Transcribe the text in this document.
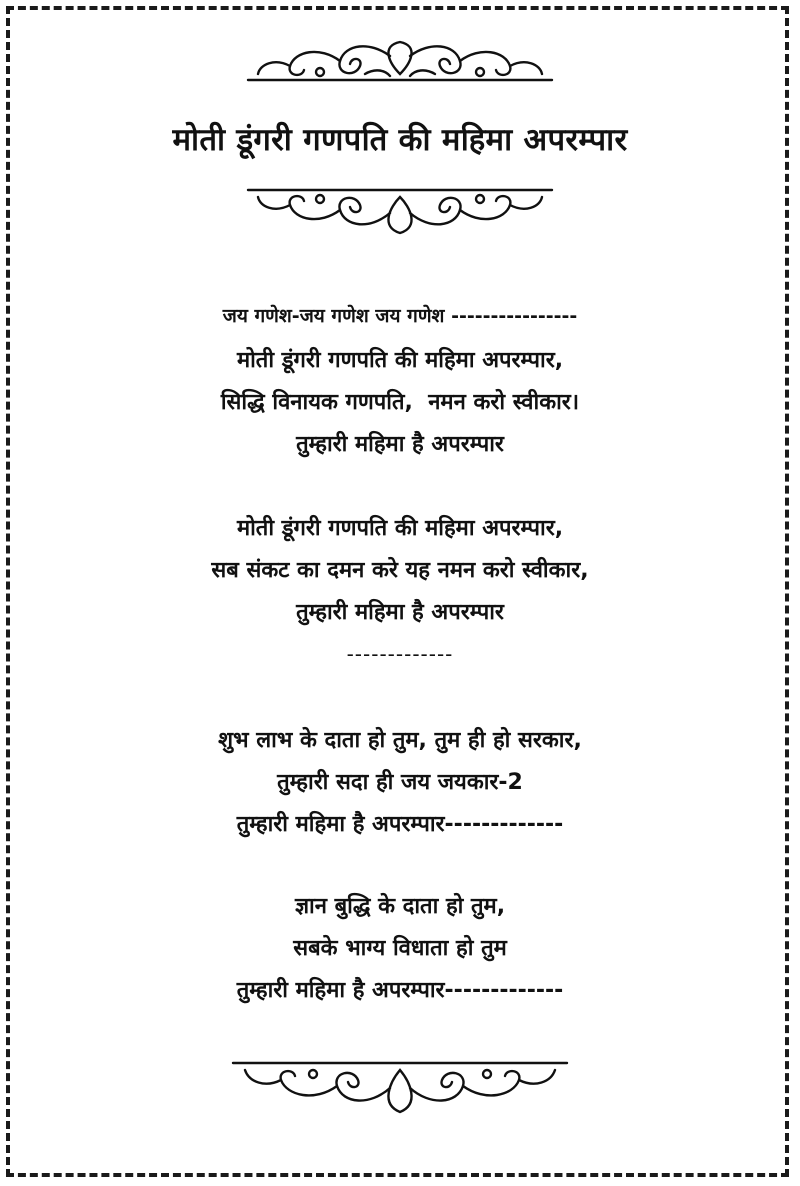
मोती डूंगरी गणपति की महिमा अपरम्पार
जय गणेश-जय गणेश जय गणेश ----------------
मोती डूंगरी गणपति की महिमा अपरम्पार,
सिद्धि विनायक गणपति,  नमन करो स्वीकार।
तुम्हारी महिमा है अपरम्पार
मोती डूंगरी गणपति की महिमा अपरम्पार,
सब संकट का दमन करे यह नमन करो स्वीकार,
तुम्हारी महिमा है अपरम्पार
-------------
शुभ लाभ के दाता हो तुम, तुम ही हो सरकार,
तुम्हारी सदा ही जय जयकार-2
तुम्हारी महिमा है अपरम्पार-------------
ज्ञान बुद्धि के दाता हो तुम,
सबके भाग्य विधाता हो तुम
तुम्हारी महिमा है अपरम्पार-------------
